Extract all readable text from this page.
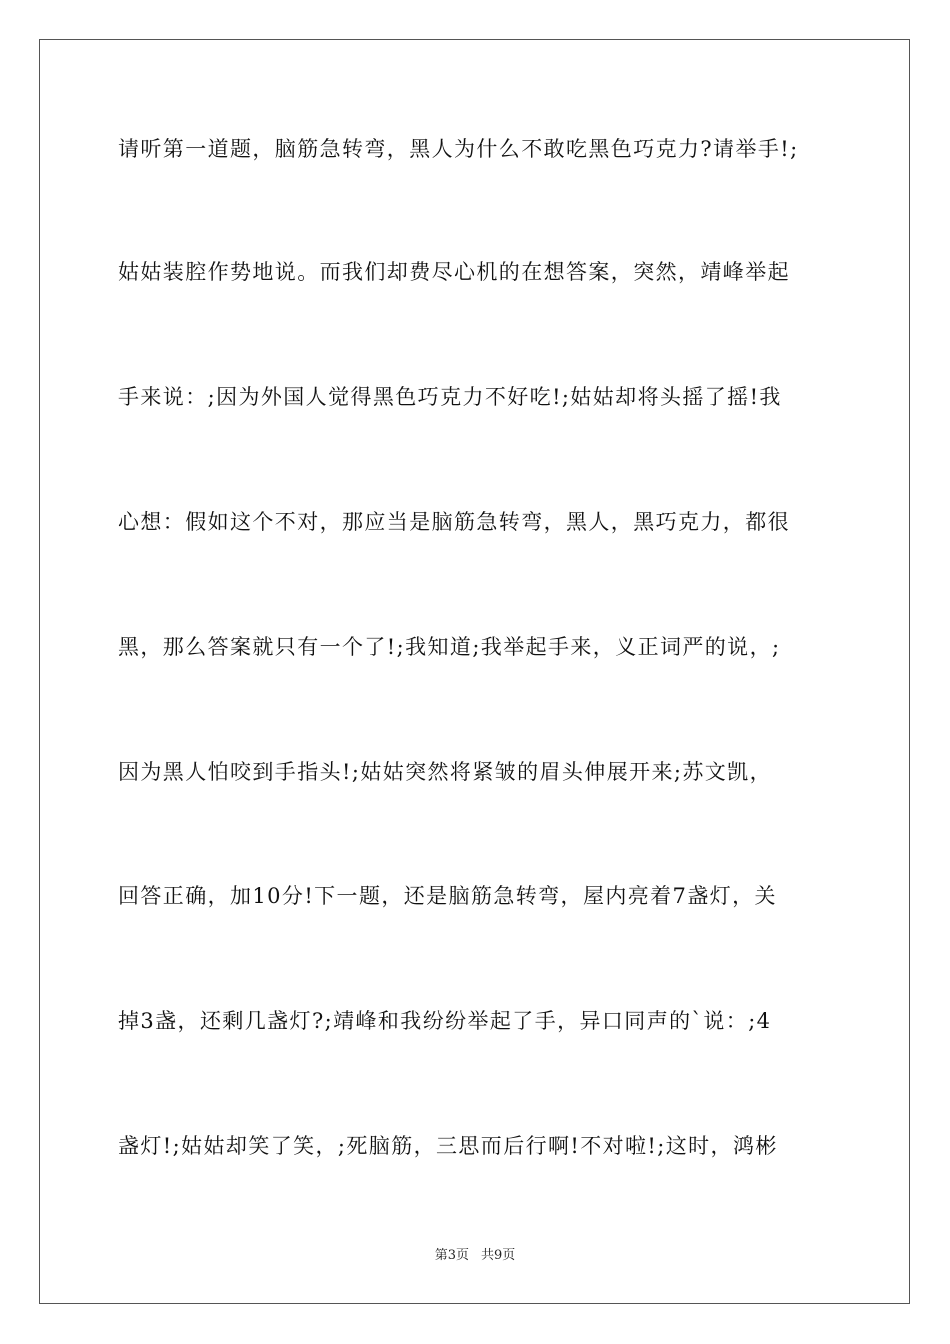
请听第一道题，脑筋急转弯，黑人为什么不敢吃黑色巧克力?请举手!;
姑姑装腔作势地说。而我们却费尽心机的在想答案，突然，靖峰举起
手来说：;因为外国人觉得黑色巧克力不好吃!;姑姑却将头摇了摇!我
心想：假如这个不对，那应当是脑筋急转弯，黑人，黑巧克力，都很
黑，那么答案就只有一个了!;我知道;我举起手来，义正词严的说，;
因为黑人怕咬到手指头!;姑姑突然将紧皱的眉头伸展开来;苏文凯，
回答正确，加10分!下一题，还是脑筋急转弯，屋内亮着7盏灯，关
掉3盏，还剩几盏灯?;靖峰和我纷纷举起了手，异口同声的`说：;4
盏灯!;姑姑却笑了笑，;死脑筋，三思而后行啊!不对啦!;这时，鸿彬
第3页 共9页
